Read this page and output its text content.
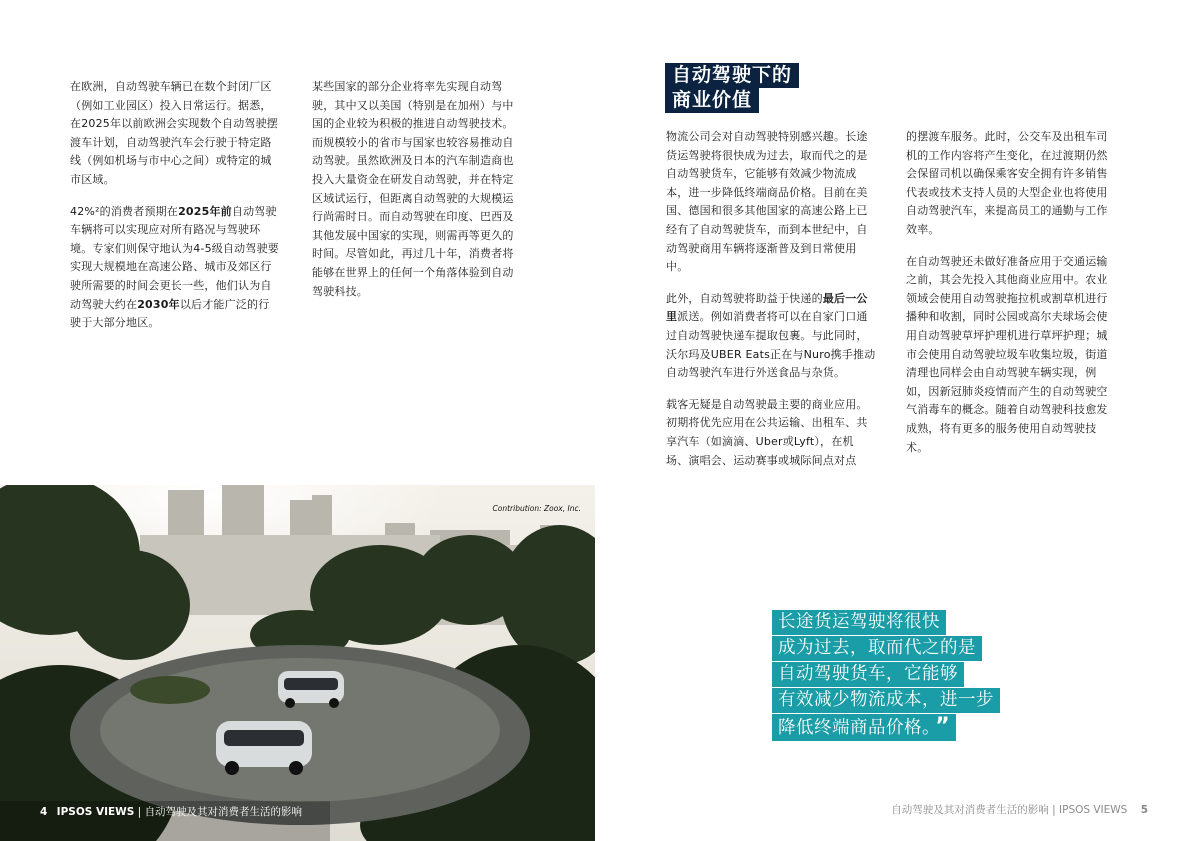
在欧洲，自动驾驶车辆已在数个封闭厂区（例如工业园区）投入日常运行。据悉，在2025年以前欧洲会实现数个自动驾驶摆渡车计划，自动驾驶汽车会行驶于特定路线（例如机场与市中心之间）或特定的城市区域。

42%²的消费者预期在2025年前自动驾驶车辆将可以实现应对所有路况与驾驶环境。专家们则保守地认为4-5级自动驾驶要实现大规模地在高速公路、城市及郊区行驶所需要的时间会更长一些，他们认为自动驾驶大约在2030年以后才能广泛的行驶于大部分地区。

某些国家的部分企业将率先实现自动驾驶，其中又以美国（特别是在加州）与中国的企业较为积极的推进自动驾驶技术。而规模较小的省市与国家也较容易推动自动驾驶。虽然欧洲及日本的汽车制造商也投入大量资金在研发自动驾驶，并在特定区域试运行，但距离自动驾驶的大规模运行尚需时日。而自动驾驶在印度、巴西及其他发展中国家的实现，则需再等更久的时间。尽管如此，再过几十年，消费者将能够在世界上的任何一个角落体验到自动驾驶科技。

Contribution: Zoox, Inc.
4 IPSOS VIEWS | 自动驾驶及其对消费者生活的影响
自动驾驶下的
商业价值

物流公司会对自动驾驶特别感兴趣。长途货运驾驶将很快成为过去，取而代之的是自动驾驶货车，它能够有效减少物流成本，进一步降低终端商品价格。目前在美国、德国和很多其他国家的高速公路上已经有了自动驾驶货车，而到本世纪中，自动驾驶商用车辆将逐渐普及到日常使用中。

此外，自动驾驶将助益于快递的最后一公里派送。例如消费者将可以在自家门口通过自动驾驶快递车提取包裹。与此同时，沃尔玛及UBER Eats正在与Nuro携手推动自动驾驶汽车进行外送食品与杂货。

载客无疑是自动驾驶最主要的商业应用。初期将优先应用在公共运输、出租车、共享汽车（如滴滴、Uber或Lyft），在机场、演唱会、运动赛事或城际间点对点

的摆渡车服务。此时，公交车及出租车司机的工作内容将产生变化，在过渡期仍然会保留司机以确保乘客安全拥有许多销售代表或技术支持人员的大型企业也将使用自动驾驶汽车，来提高员工的通勤与工作效率。

在自动驾驶还未做好准备应用于交通运输之前，其会先投入其他商业应用中。农业领域会使用自动驾驶拖拉机或割草机进行播种和收割，同时公园或高尔夫球场会使用自动驾驶草坪护理机进行草坪护理；城市会使用自动驾驶垃圾车收集垃圾，街道清理也同样会由自动驾驶车辆实现，例如，因新冠肺炎疫情而产生的自动驾驶空气消毒车的概念。随着自动驾驶科技愈发成熟，将有更多的服务使用自动驾驶技术。

长途货运驾驶将很快
成为过去，取而代之的是
自动驾驶货车，它能够
有效减少物流成本，进一步
降低终端商品价格。 ”
自动驾驶及其对消费者生活的影响 | IPSOS VIEWS 5
